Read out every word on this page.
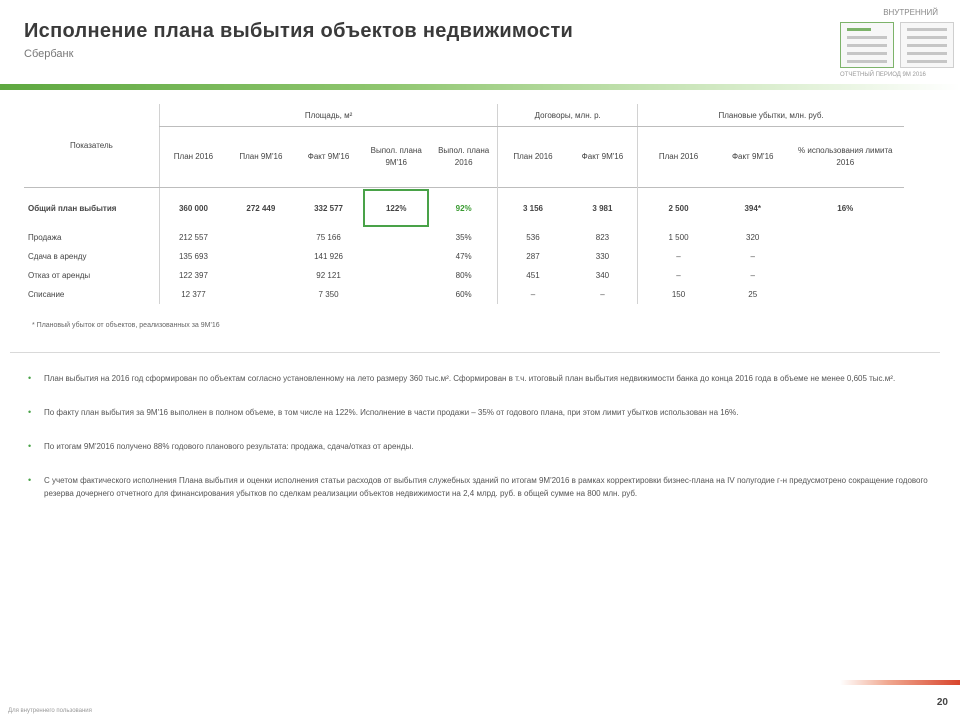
Исполнение плана выбытия объектов недвижимости
Сбербанк
ВНУТРЕННИЙ
ОТЧЕТНЫЙ ПЕРИОД 9М 2016
Показатель	Площадь, м²					Договоры, млн. р.		Плановые убытки, млн. руб.		
	План 2016	План 9М'16	Факт 9М'16	Выпол. плана 9М'16	Выпол. плана 2016	План 2016	Факт 9М'16	План 2016	Факт 9М'16	% использования лимита 2016
Общий план выбытия	360 000	272 449	332 577	122%	92%	3 156	3 981	2 500	394*	16%
Продажа	212 557		75 166		35%	536	823	1 500	320	
Сдача в аренду	135 693		141 926		47%	287	330	–	–	
Отказ от аренды	122 397		92 121		80%	451	340	–	–	
Списание	12 377		7 350		60%	–	–	150	25	
* Плановый убыток от объектов, реализованных за 9М'16
• План выбытия на 2016 год сформирован по объектам согласно установленному на лето размеру 360 тыс.м². Сформирован в т.ч. итоговый план выбытия недвижимости банка до конца 2016 года в объеме не менее 0,605 тыс.м².
• По факту план выбытия за 9М'16 выполнен в полном объеме, в том числе на 122%. Исполнение в части продажи – 35% от годового плана, при этом лимит убытков использован на 16%.
• По итогам 9М'2016 получено 88% годового планового результата: продажа, сдача/отказ от аренды.
• С учетом фактического исполнения Плана выбытия и оценки исполнения статьи расходов от выбытия служебных зданий по итогам 9М'2016 в рамках корректировки бизнес-плана на IV полугодие г-н предусмотрено сокращение годового резерва дочернего отчетного для финансирования убытков по сделкам реализации объектов недвижимости на 2,4 млрд. руб. в общей сумме на 800 млн. руб.
20
Для внутреннего пользования
